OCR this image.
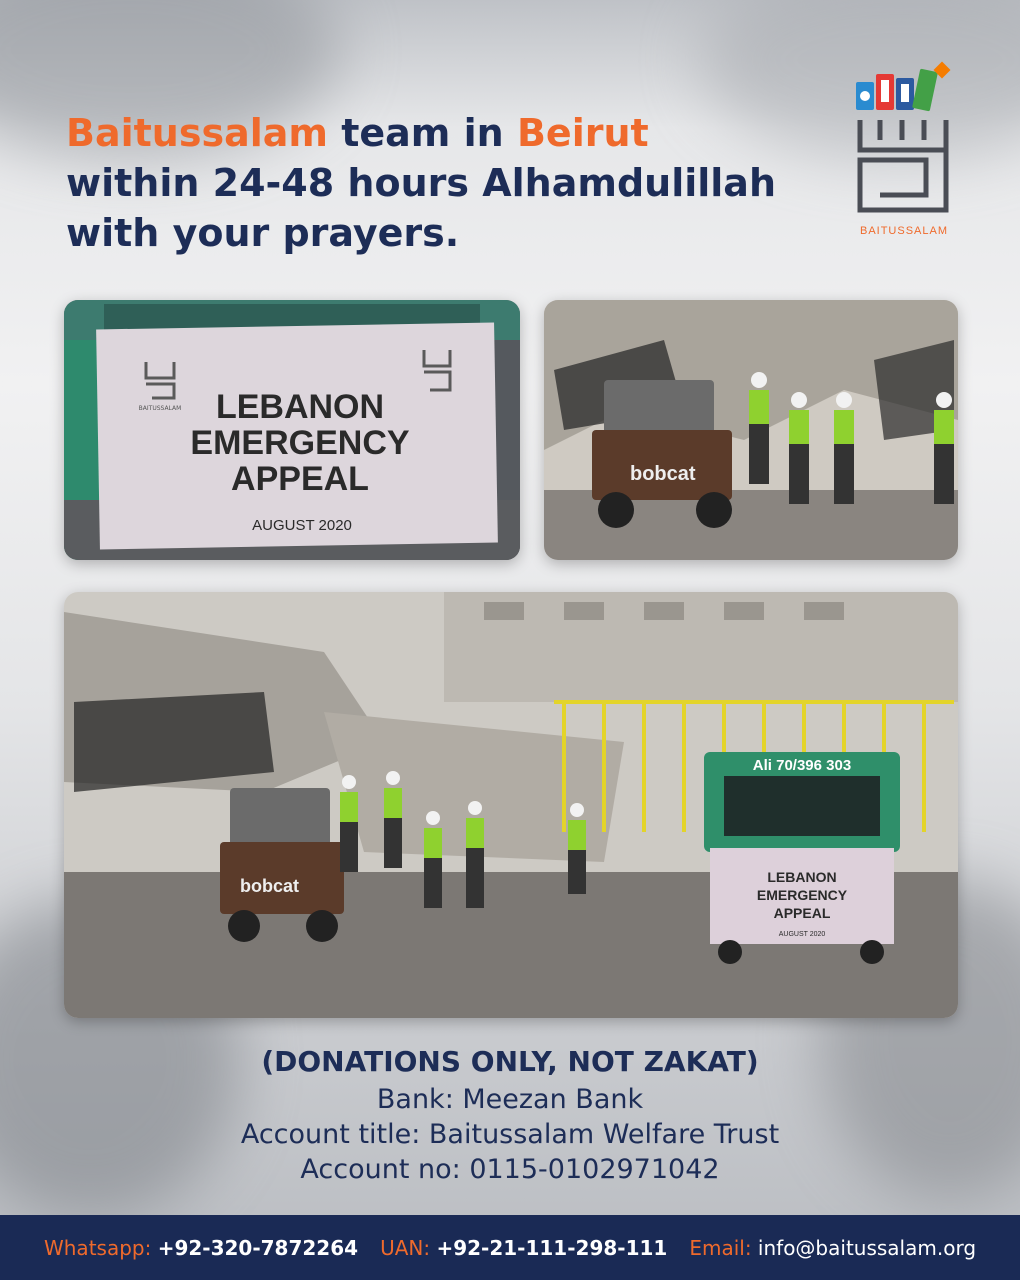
Baitussalam team in Beirut
within 24-48 hours Alhamdulillah
with your prayers.	BAITUSSALAM
BAITUSSALAM LEBANON
EMERGENCY
APPEAL
AUGUST 2020
bobcat
bobcat
Ali 70/396 303
LEBANON
EMERGENCY
APPEAL
AUGUST 2020
(DONATIONS ONLY, NOT ZAKAT)
Bank: Meezan Bank
Account title: Baitussalam Welfare Trust
Account no: 0115-0102971042
Whatsapp: +92-320-7872264 UAN: +92-21-111-298-111 Email: info@baitussalam.org
